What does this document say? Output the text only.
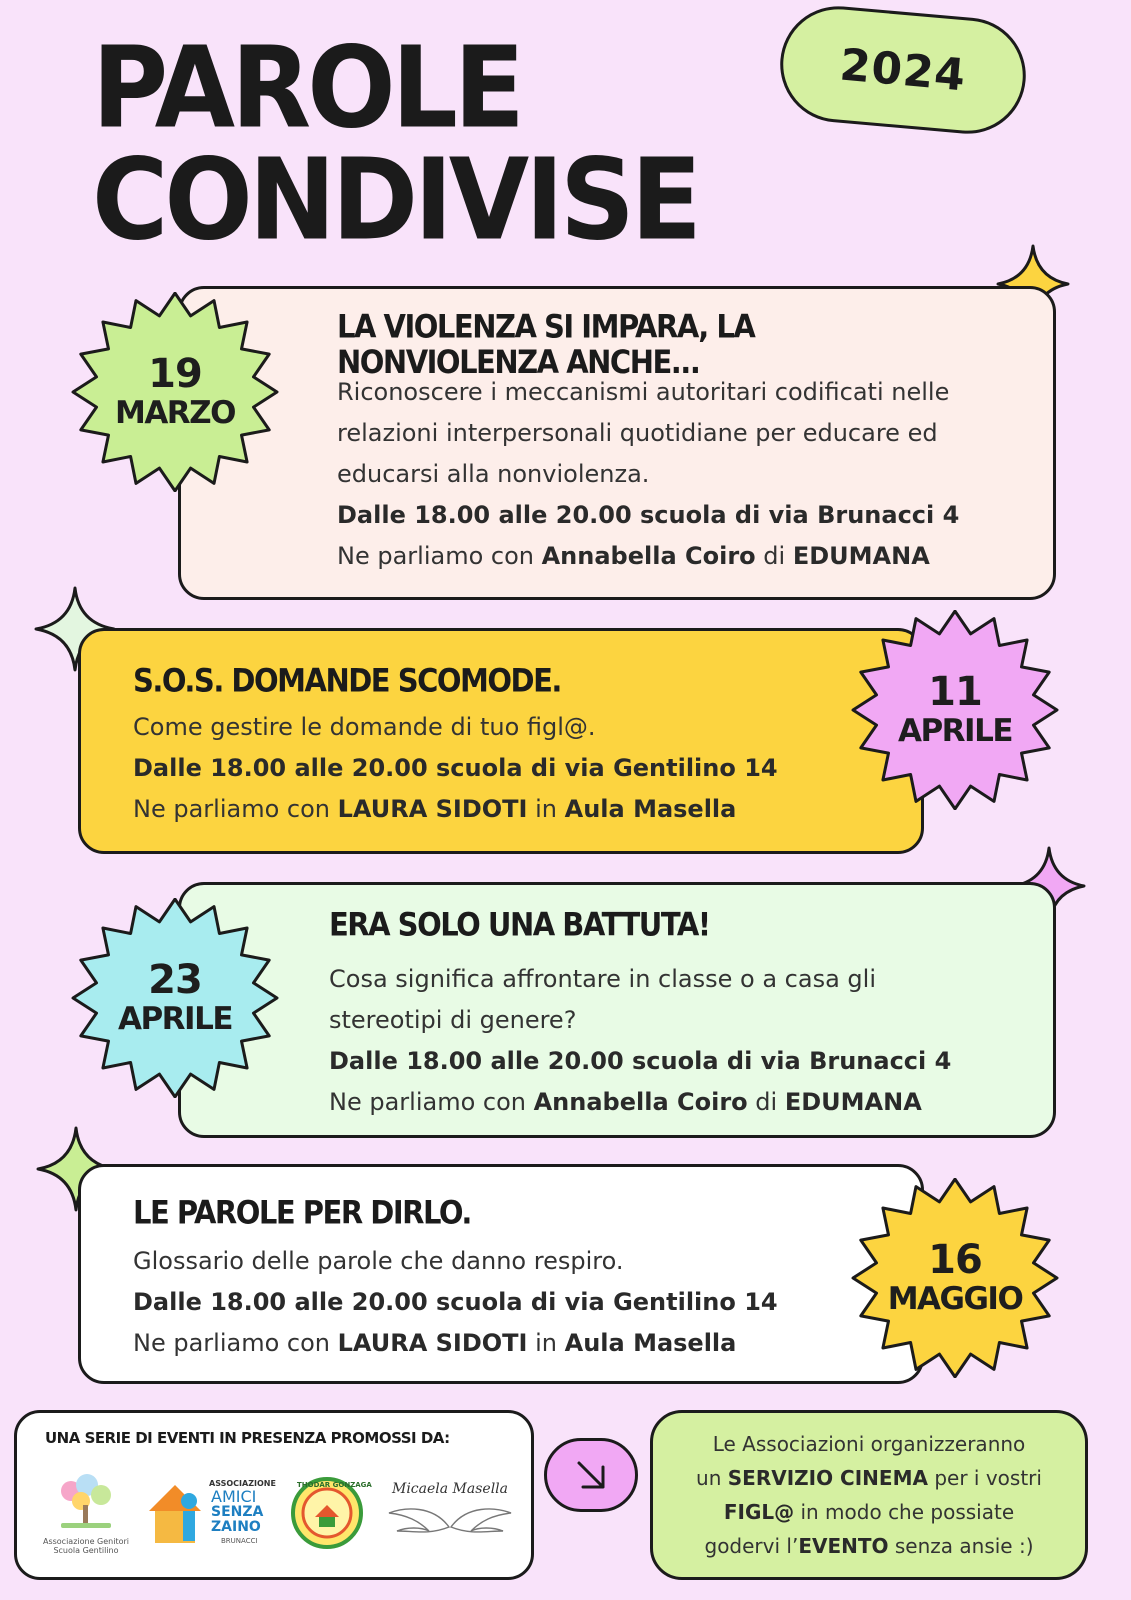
PAROLE
CONDIVISE
2024
LA VIOLENZA SI IMPARA, LA
NONVIOLENZA ANCHE...

Riconoscere i meccanismi autoritari codificati nelle

relazioni interpersonali quotidiane per educare ed

educarsi alla nonviolenza.

Dalle 18.00 alle 20.00 scuola di via Brunacci 4

Ne parliamo con Annabella Coiro di EDUMANA

19
MARZO
S.O.S. DOMANDE SCOMODE.

Come gestire le domande di tuo figl@.

Dalle 18.00 alle 20.00 scuola di via Gentilino 14

Ne parliamo con LAURA SIDOTI in Aula Masella

11
APRILE
ERA SOLO UNA BATTUTA!

Cosa significa affrontare in classe o a casa gli

stereotipi di genere?

Dalle 18.00 alle 20.00 scuola di via Brunacci 4

Ne parliamo con Annabella Coiro di EDUMANA

23
APRILE
LE PAROLE PER DIRLO.

Glossario delle parole che danno respiro.

Dalle 18.00 alle 20.00 scuola di via Gentilino 14

Ne parliamo con LAURA SIDOTI in Aula Masella

16
MAGGIO
UNA SERIE DI EVENTI IN PRESENZA PROMOSSI DA:
Associazione Genitori
Scuola Gentilino
ASSOCIAZIONE
AMICI
SENZA
ZAINO
BRUNACCI
THODAR GONZAGA	Micaela Masella

Le Associazioni organizzeranno

un SERVIZIO CINEMA per i vostri

FIGL@ in modo che possiate

godervi l’EVENTO senza ansie :)
